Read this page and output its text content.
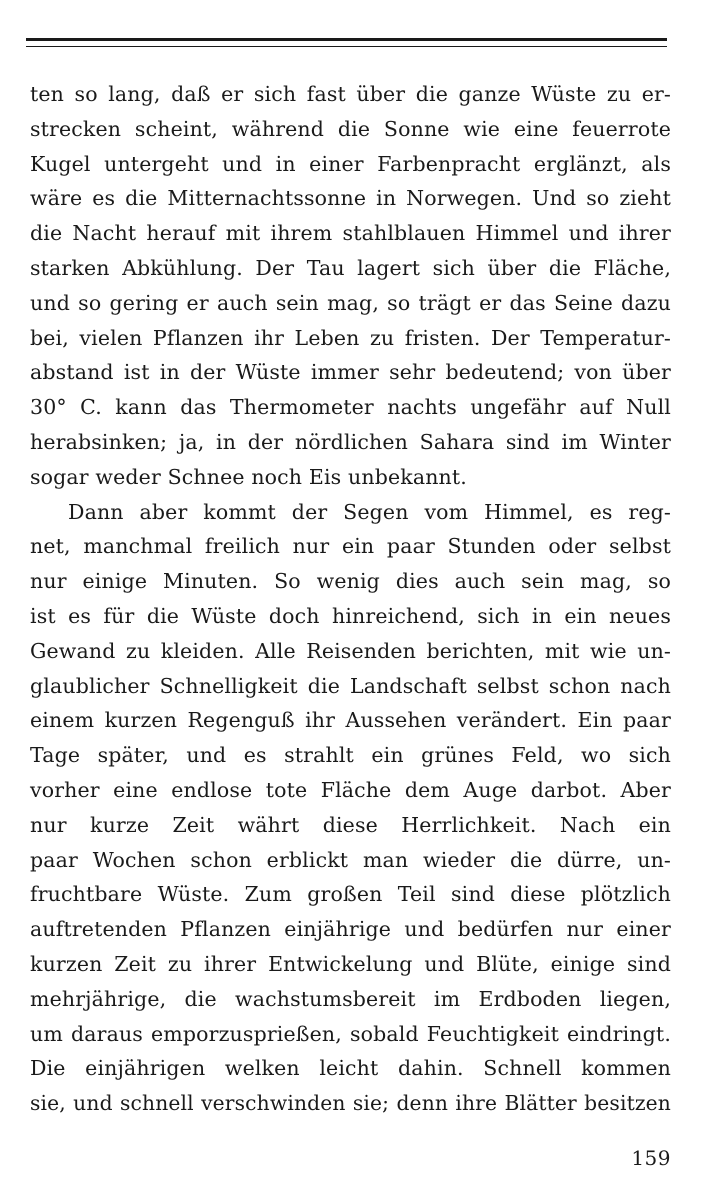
ten so lang, daß er sich fast über die ganze Wüste zu er-
strecken scheint, während die Sonne wie eine feuerrote
Kugel untergeht und in einer Farbenpracht erglänzt, als
wäre es die Mitternachtssonne in Norwegen. Und so zieht
die Nacht herauf mit ihrem stahlblauen Himmel und ihrer
starken Abkühlung. Der Tau lagert sich über die Fläche,
und so gering er auch sein mag, so trägt er das Seine dazu
bei, vielen Pflanzen ihr Leben zu fristen. Der Temperatur-
abstand ist in der Wüste immer sehr bedeutend; von über
30° C. kann das Thermometer nachts ungefähr auf Null
herabsinken; ja, in der nördlichen Sahara sind im Winter
sogar weder Schnee noch Eis unbekannt.
Dann aber kommt der Segen vom Himmel, es reg-
net, manchmal freilich nur ein paar Stunden oder selbst
nur einige Minuten. So wenig dies auch sein mag, so
ist es für die Wüste doch hinreichend, sich in ein neues
Gewand zu kleiden. Alle Reisenden berichten, mit wie un-
glaublicher Schnelligkeit die Landschaft selbst schon nach
einem kurzen Regenguß ihr Aussehen verändert. Ein paar
Tage später, und es strahlt ein grünes Feld, wo sich
vorher eine endlose tote Fläche dem Auge darbot. Aber
nur kurze Zeit währt diese Herrlichkeit. Nach ein
paar Wochen schon erblickt man wieder die dürre, un-
fruchtbare Wüste. Zum großen Teil sind diese plötzlich
auftretenden Pflanzen einjährige und bedürfen nur einer
kurzen Zeit zu ihrer Entwickelung und Blüte, einige sind
mehrjährige, die wachstumsbereit im Erdboden liegen,
um daraus emporzusprießen, sobald Feuchtigkeit eindringt.
Die einjährigen welken leicht dahin. Schnell kommen
sie, und schnell verschwinden sie; denn ihre Blätter besitzen
159
